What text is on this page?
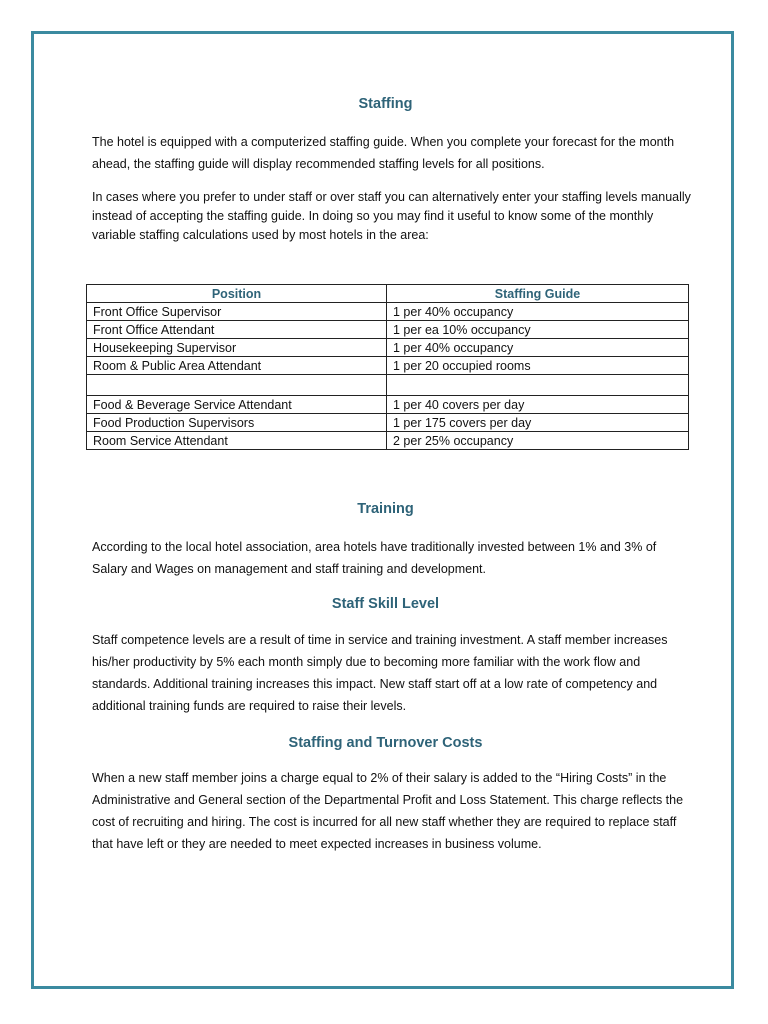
Staffing

The hotel is equipped with a computerized staffing guide. When you complete your forecast for the month ahead, the staffing guide will display recommended staffing levels for all positions.

In cases where you prefer to under staff or over staff you can alternatively enter your staffing levels manually instead of accepting the staffing guide. In doing so you may find it useful to know some of the monthly variable staffing calculations used by most hotels in the area:

Position	Staffing Guide
Front Office Supervisor	1 per 40% occupancy
Front Office Attendant	1 per ea 10% occupancy
Housekeeping Supervisor	1 per 40% occupancy
Room & Public Area Attendant	1 per 20 occupied rooms

Food & Beverage Service Attendant	1 per 40 covers per day
Food Production Supervisors	1 per 175 covers per day
Room Service Attendant	2 per 25% occupancy
Training

According to the local hotel association, area hotels have traditionally invested between 1% and 3% of Salary and Wages on management and staff training and development.

Staff Skill Level

Staff competence levels are a result of time in service and training investment. A staff member increases his/her productivity by 5% each month simply due to becoming more familiar with the work flow and standards. Additional training increases this impact. New staff start off at a low rate of competency and additional training funds are required to raise their levels.

Staffing and Turnover Costs

When a new staff member joins a charge equal to 2% of their salary is added to the “Hiring Costs” in the Administrative and General section of the Departmental Profit and Loss Statement. This charge reflects the cost of recruiting and hiring. The cost is incurred for all new staff whether they are required to replace staff that have left or they are needed to meet expected increases in business volume.
